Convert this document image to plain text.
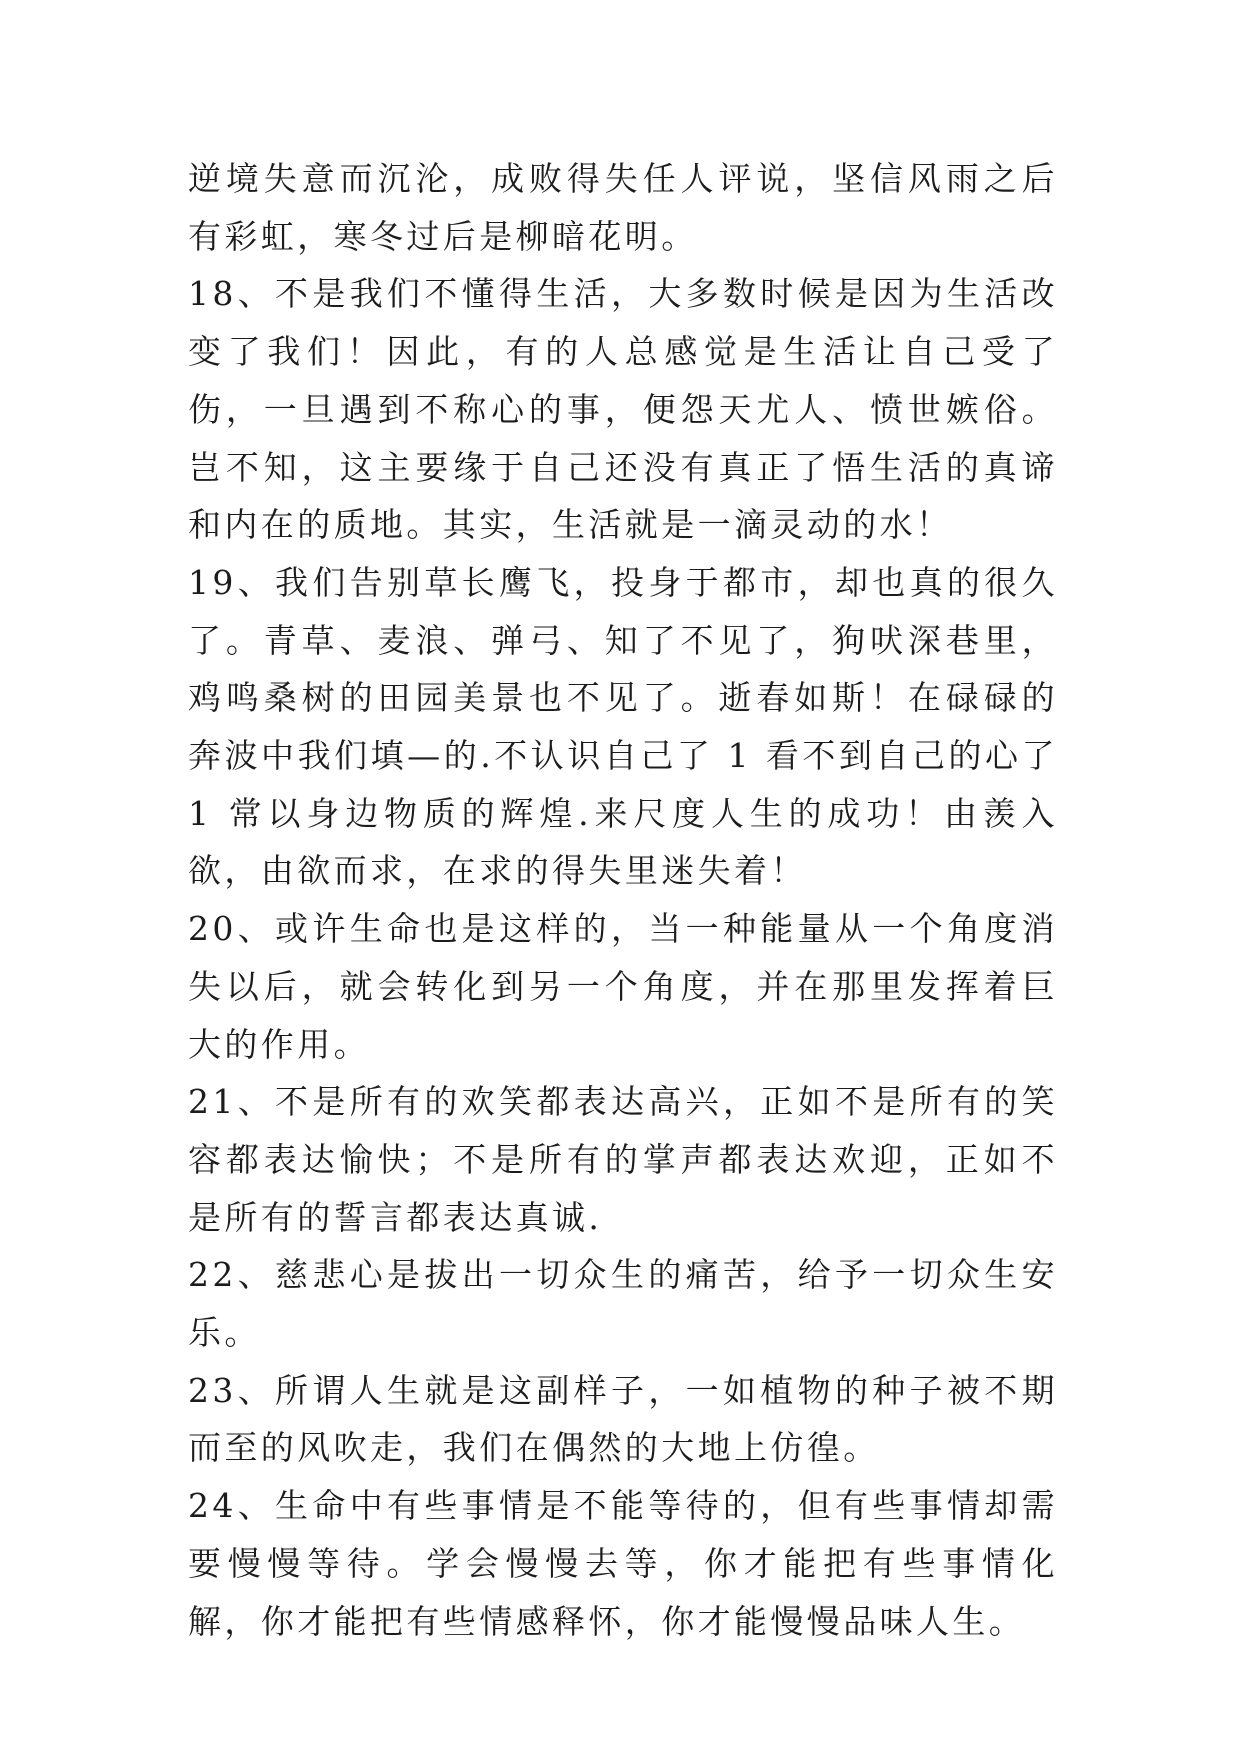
逆境失意而沉沦，成败得失任人评说，坚信风雨之后有彩虹，寒冬过后是柳暗花明。

18、不是我们不懂得生活，大多数时候是因为生活改变了我们！因此，有的人总感觉是生活让自己受了伤，一旦遇到不称心的事，便怨天尤人、愤世嫉俗。岂不知，这主要缘于自己还没有真正了悟生活的真谛和内在的质地。其实，生活就是一滴灵动的水！

19、我们告别草长鹰飞，投身于都市，却也真的很久了。青草、麦浪、弹弓、知了不见了，狗吠深巷里，鸡鸣桑树的田园美景也不见了。逝春如斯！在碌碌的奔波中我们填—的.不认识自己了 1 看不到自己的心了 1 常以身边物质的辉煌.来尺度人生的成功！由羡入欲，由欲而求，在求的得失里迷失着！

20、或许生命也是这样的，当一种能量从一个角度消失以后，就会转化到另一个角度，并在那里发挥着巨大的作用。

21、不是所有的欢笑都表达高兴，正如不是所有的笑容都表达愉快；不是所有的掌声都表达欢迎，正如不是所有的誓言都表达真诚.

22、慈悲心是拔出一切众生的痛苦，给予一切众生安乐。

23、所谓人生就是这副样子，一如植物的种子被不期而至的风吹走，我们在偶然的大地上仿徨。

24、生命中有些事情是不能等待的，但有些事情却需要慢慢等待。学会慢慢去等，你才能把有些事情化解，你才能把有些情感释怀，你才能慢慢品味人生。
